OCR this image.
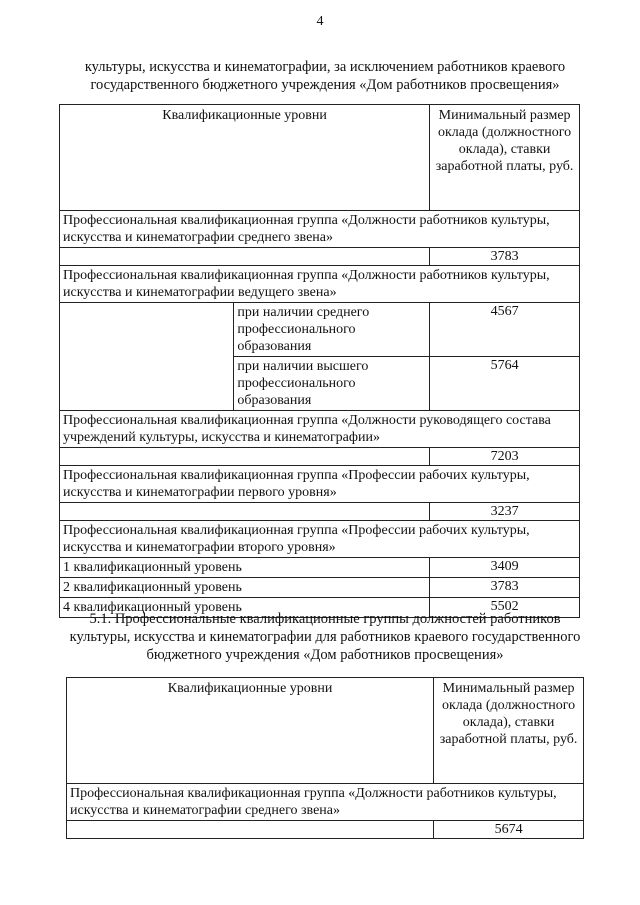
4
культуры, искусства и кинематографии, за исключением работников краевого государственного бюджетного учреждения «Дом работников просвещения»
Квалификационные уровни		Минимальный размер оклада (должностного оклада), ставки заработной платы, руб.
Профессиональная квалификационная группа «Должности работников культуры, искусства и кинематографии среднего звена»		
		3783
Профессиональная квалификационная группа «Должности работников культуры, искусства и кинематографии ведущего звена»		
	при наличии среднего профессионального образования	4567
	при наличии высшего профессионального образования	5764
Профессиональная квалификационная группа «Должности руководящего состава учреждений культуры, искусства и кинематографии»		
		7203
Профессиональная квалификационная группа «Профессии рабочих культуры, искусства и кинематографии первого уровня»		
		3237
Профессиональная квалификационная группа «Профессии рабочих культуры, искусства и кинематографии второго уровня»		
1 квалификационный уровень		3409
2 квалификационный уровень		3783
4 квалификационный уровень		5502
5.1. Профессиональные квалификационные группы должностей работников культуры, искусства и кинематографии для работников краевого государственного бюджетного учреждения «Дом работников просвещения»
Квалификационные уровни	Минимальный размер оклада (должностного оклада), ставки заработной платы, руб.
Профессиональная квалификационная группа «Должности работников культуры, искусства и кинематографии среднего звена»	
	5674
